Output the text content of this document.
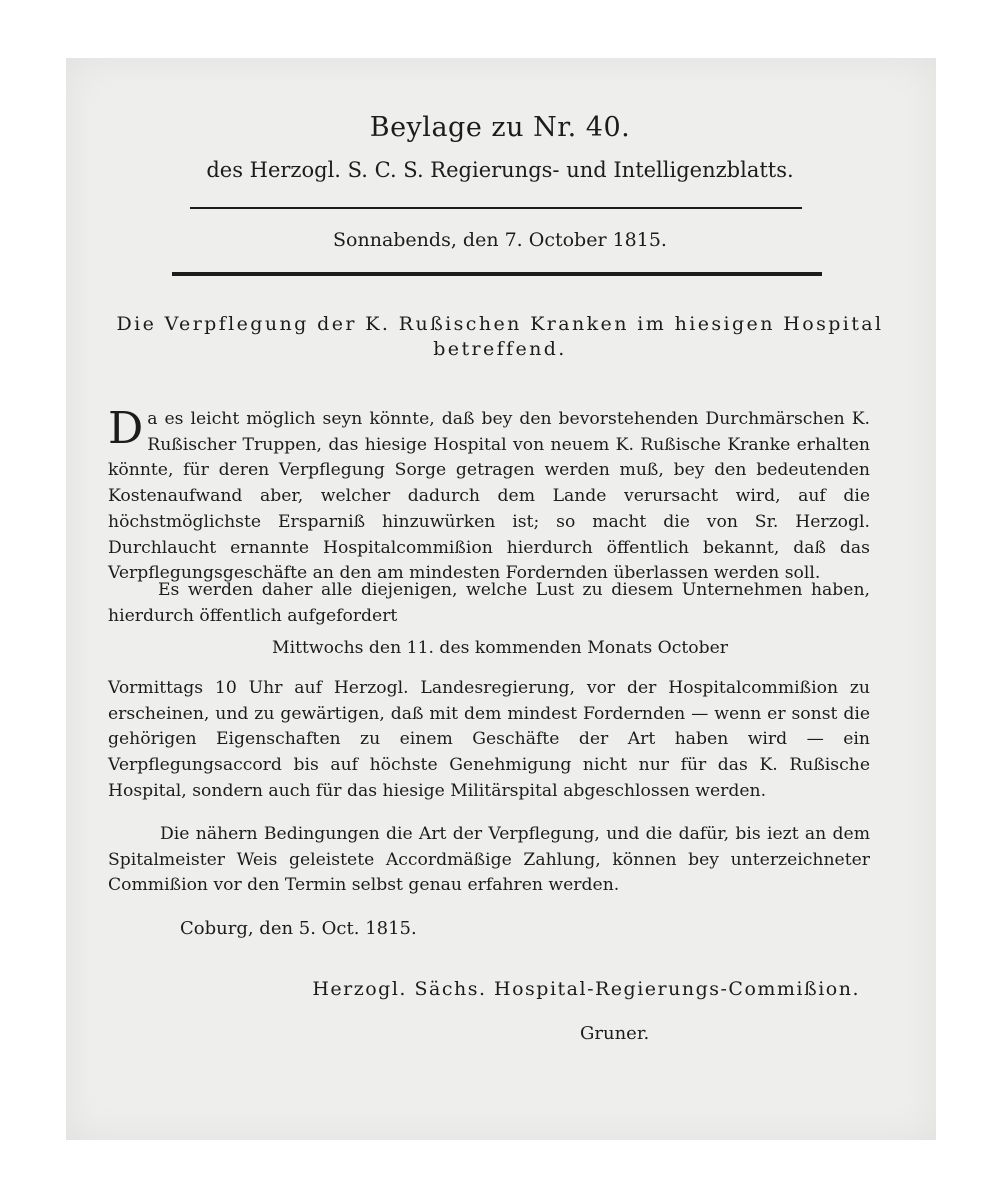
Beylage zu Nr. 40.
des Herzogl. S. C. S. Regierungs- und Intelligenzblatts.
Sonnabends, den 7. October 1815.
Die Verpflegung der K. Rußischen Kranken im hiesigen Hospital betreffend.
Da es leicht möglich seyn könnte, daß bey den bevorstehenden Durchmärschen K. Rußischer Truppen, das hiesige Hospital von neuem K. Rußische Kranke erhalten könnte, für deren Verpflegung Sorge getragen werden muß, bey den bedeutenden Kostenaufwand aber, welcher dadurch dem Lande verursacht wird, auf die höchstmöglichste Ersparniß hinzuwürken ist; so macht die von Sr. Herzogl. Durchlaucht ernannte Hospitalcommißion hierdurch öffentlich bekannt, daß das Verpflegungsgeschäfte an den am mindesten Fordernden überlassen werden soll.
Es werden daher alle diejenigen, welche Lust zu diesem Unternehmen haben, hierdurch öffentlich aufgefordert
Mittwochs den 11. des kommenden Monats October
Vormittags 10 Uhr auf Herzogl. Landesregierung, vor der Hospitalcommißion zu erscheinen, und zu gewärtigen, daß mit dem mindest Fordernden — wenn er sonst die gehörigen Eigenschaften zu einem Geschäfte der Art haben wird — ein Verpflegungsaccord bis auf höchste Genehmigung nicht nur für das K. Rußische Hospital, sondern auch für das hiesige Militärspital abgeschlossen werden.
Die nähern Bedingungen die Art der Verpflegung, und die dafür, bis iezt an dem Spitalmeister Weis geleistete Accordmäßige Zahlung, können bey unterzeichneter Commißion vor den Termin selbst genau erfahren werden.
Coburg, den 5. Oct. 1815.
Herzogl. Sächs. Hospital-Regierungs-Commißion.
Gruner.
